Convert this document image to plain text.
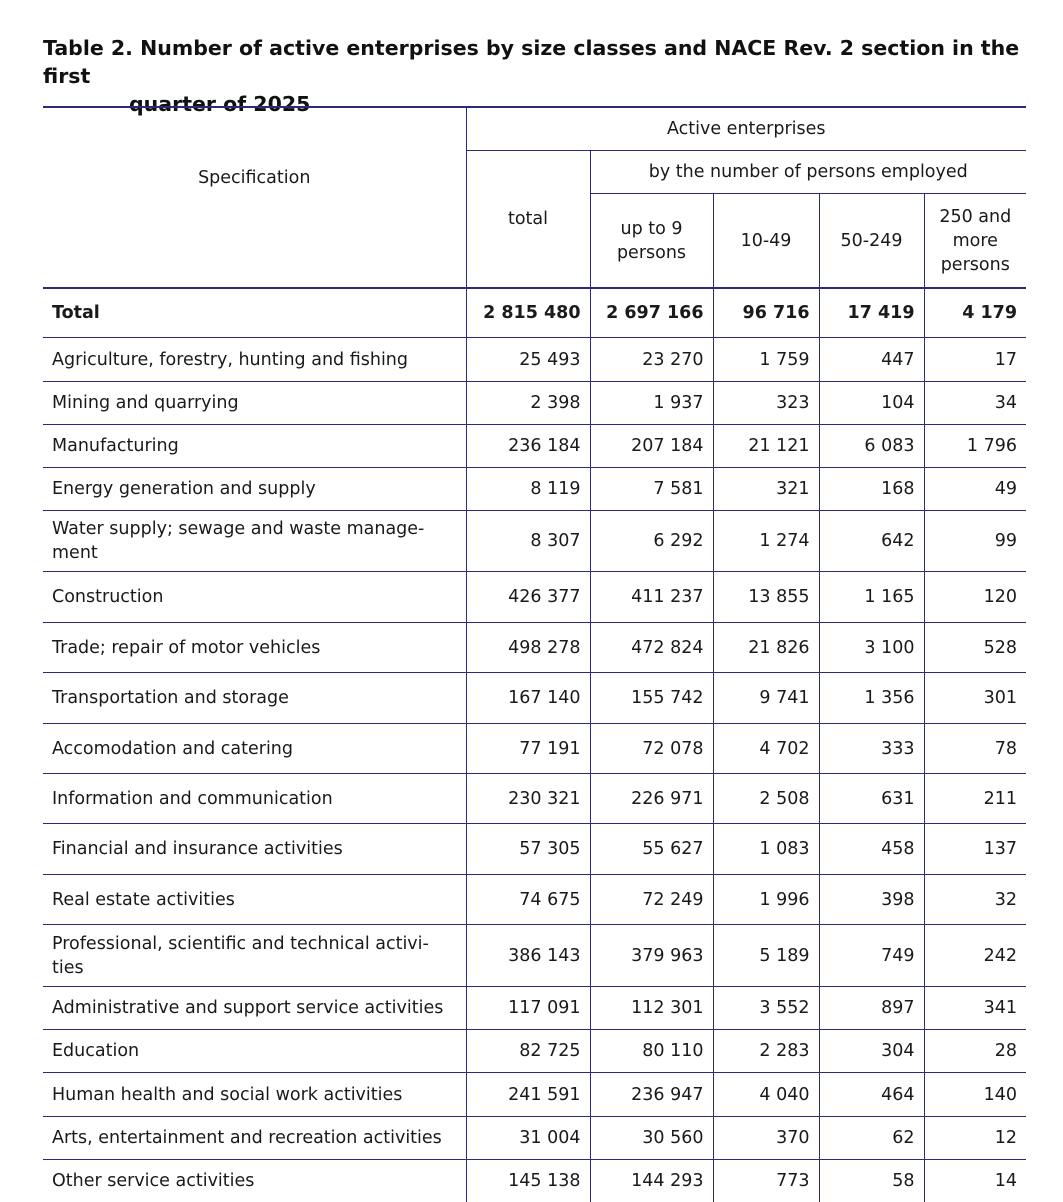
Table 2. Number of active enterprises by size classes and NACE Rev. 2 section in the first
quarter of 2025
Specification	Active enterprises				
	total	by the number of persons employed			
		up to 9 persons	10-49	50-249	250 and more persons
Total	2 815 480	2 697 166	96 716	17 419	4 179
Agriculture, forestry, hunting and fishing	25 493	23 270	1 759	447	17
Mining and quarrying	2 398	1 937	323	104	34
Manufacturing	236 184	207 184	21 121	6 083	1 796
Energy generation and supply	8 119	7 581	321	168	49
Water supply; sewage and waste manage-ment	8 307	6 292	1 274	642	99
Construction	426 377	411 237	13 855	1 165	120
Trade; repair of motor vehicles	498 278	472 824	21 826	3 100	528
Transportation and storage	167 140	155 742	9 741	1 356	301
Accomodation and catering	77 191	72 078	4 702	333	78
Information and communication	230 321	226 971	2 508	631	211
Financial and insurance activities	57 305	55 627	1 083	458	137
Real estate activities	74 675	72 249	1 996	398	32
Professional, scientific and technical activi-ties	386 143	379 963	5 189	749	242
Administrative and support service activities	117 091	112 301	3 552	897	341
Education	82 725	80 110	2 283	304	28
Human health and social work activities	241 591	236 947	4 040	464	140
Arts, entertainment and recreation activities	31 004	30 560	370	62	12
Other service activities	145 138	144 293	773	58	14
